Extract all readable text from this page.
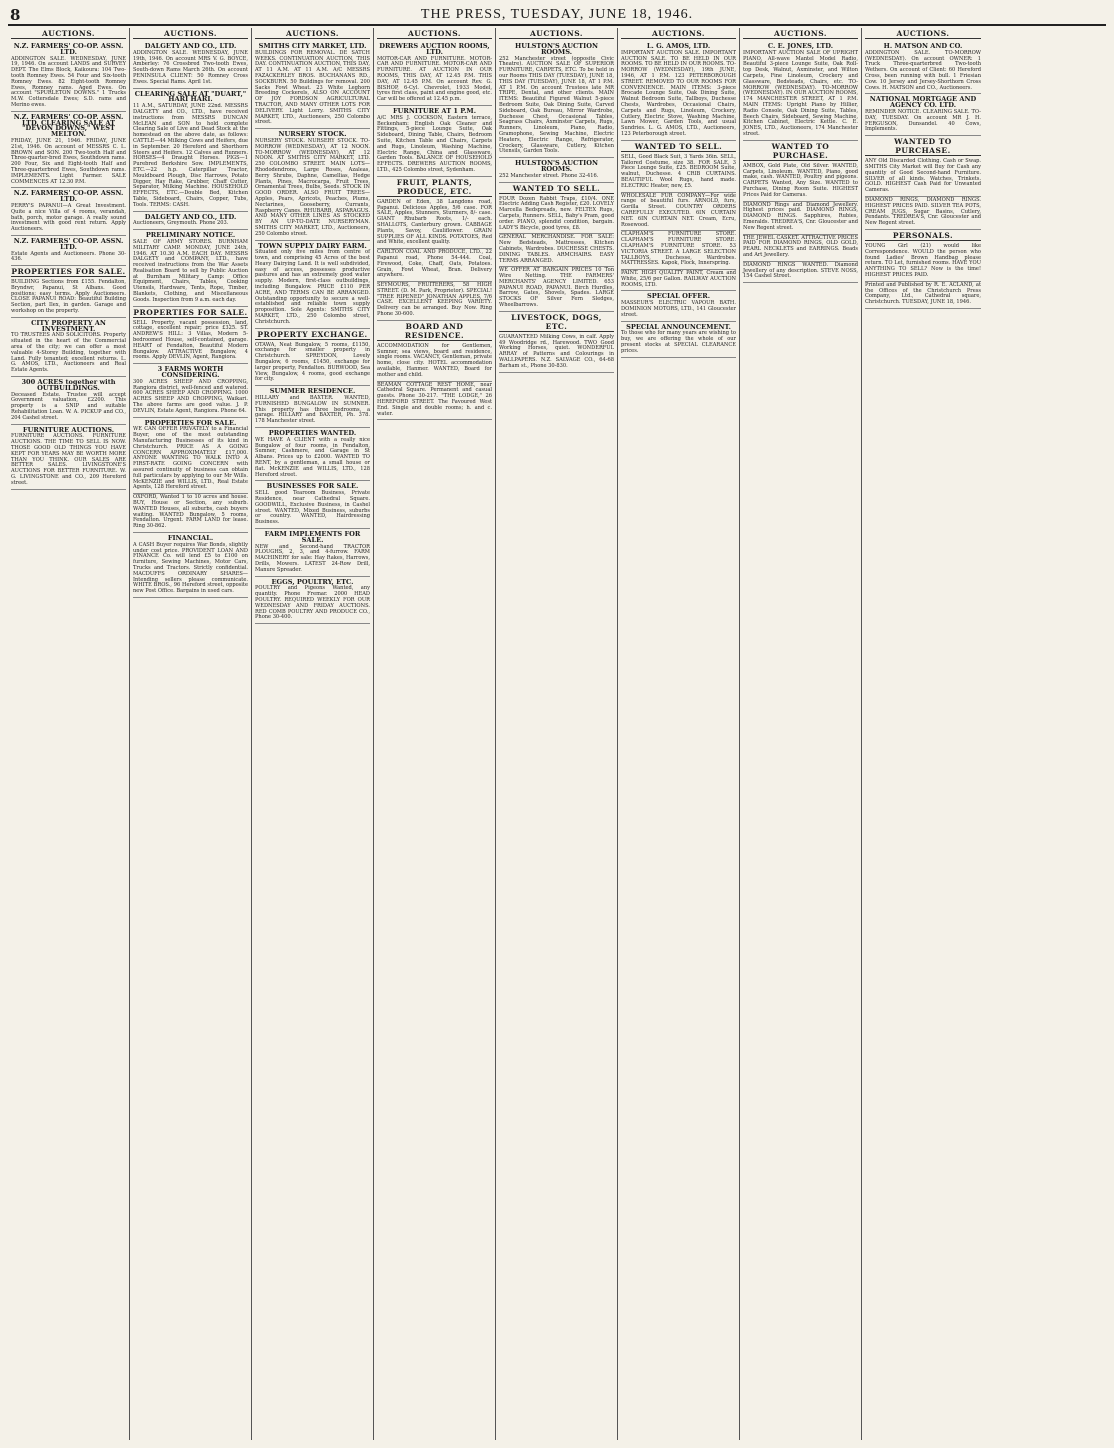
8	THE PRESS, TUESDAY, JUNE 18, 1946.
AUCTIONS.
N.Z. FARMERS' CO-OP. ASSN. LTD.

ADDINGTON SALE. WEDNESDAY, JUNE 19, 1946. On account LANDS and SURVEY DEPT. The Elms Block, Kaikoura: 104 Two-tooth Romney Ewes. 54 Four and Six-tooth Romney Ewes. 82 Eight-tooth Romney Ewes, Romney rams. Aged Ewes. On account "SPURLETON DOWNS." 1 Trucks M.W. Cottersdale Ewes; S.D. rams and Merino ewes.

N.Z. FARMERS' CO-OP. ASSN. LTD. CLEARING SALE AT "DEVON DOWNS," WEST MELTON.

FRIDAY, JUNE 21, 1946. FRIDAY, JUNE 21st, 1946. On account of MESSRS C. L. BROWN and SON. 200 Two-tooth Half and Three-quarter-bred Ewes, Southdown rams. 200 Four, Six and Eight-tooth Half and Three-quarterbred Ewes, Southdown rams. IMPLEMENTS. Light Farmer. SALE COMMENCES AT 12.30 P.M.

N.Z. FARMERS' CO-OP. ASSN. LTD.

PERRY'S PAPANUI—A Great Investment. Quite a nice Villa of 4 rooms, verandah, bath, porch, motor garage. A really sound investment with good rent return. Apply Auctioneers.

N.Z. FARMERS' CO-OP. ASSN. LTD.

Estate Agents and Auctioneers. Phone 30-436.

PROPERTIES FOR SALE.

BUILDING Sections from £155. Fendalton, Bryndwr, Papanui, St Albans. Good positions; easy terms. Apply Auctioneers. CLOSE PAPANUI ROAD: Beautiful Building Section, part Ilex, in garden. Garage and workshop on the property.

CITY PROPERTY AN INVESTMENT.

TO TRUSTEES AND SOLICITORS. Property situated in the heart of the Commercial area of the city; we can offer a most valuable 4-Storey Building, together with Land. Fully tenanted; excellent returns. L. G. AMOS, LTD., Auctioneers and Real Estate Agents.

300 ACRES together with OUTBUILDINGS.

Deceased Estate. Trustee will accept Government valuation, £2200. This property is a SNIP and suitable Rehabilitation Loan. W. A. PICKUP and CO., 204 Cashel street.

FURNITURE AUCTIONS.

FURNITURE AUCTIONS. FURNITURE AUCTIONS. THE TIME TO SELL IS NOW. THOSE GOOD OLD THINGS YOU HAVE KEPT FOR YEARS MAY BE WORTH MORE THAN YOU THINK. OUR SALES ARE BETTER SALES. LIVINGSTONE'S AUCTIONS FOR BETTER FURNITURE. W. G. LIVINGSTONE and CO., 209 Hereford street.

AUCTIONS.
DALGETY AND CO., LTD.

ADDINGTON SALE. WEDNESDAY, JUNE 19th, 1946. On account MRS V. G. BOYCE, Amberley: 76 Crossbred Two-tooth Ewes, South-down Rams March 26th. On account PENINSULA CLIENT: 50 Romney Cross Ewes. Special Rams. April 1st.

CLEARING SALE AT "DUART," HARI HARI.

11 A.M., SATURDAY, JUNE 22nd. MESSRS DALGETY and CO., LTD., have received instructions from MESSRS DUNCAN McLEAN and SON to hold complete Clearing Sale of Live and Dead Stock at the homestead on the above date, as follows: CATTLE—44 Milking Cows and Heifers, due in September. 20 Hereford and Shorthorn Steers and Heifers. 12 Calves and Runners. HORSES—4 Draught Horses. PIGS—1 Purebred Berkshire Sow. IMPLEMENTS, ETC.—22 h.p. Caterpillar Tractor, Mouldboard Plough, Disc Harrows, Potato Digger, Hay Rake, Grubber, Chaff Cutter, Separator, Milking Machine. HOUSEHOLD EFFECTS, ETC.—Double Bed, Kitchen Table, Sideboard, Chairs, Copper, Tubs, Tools. TERMS: CASH.

DALGETY AND CO., LTD.

Auctioneers, Greymouth. Phone 203.

PRELIMINARY NOTICE.

SALE OF ARMY STORES. BURNHAM MILITARY CAMP. MONDAY, JUNE 24th, 1946. AT 10.30 A.M. EACH DAY. MESSRS DALGETY and COMPANY, LTD., have received instructions from the War Assets Realisation Board to sell by Public Auction at Burnham Military Camp: Office Equipment, Chairs, Tables, Cooking Utensils, Hardware, Tents, Rope, Timber, Blankets, Clothing, and Miscellaneous Goods. Inspection from 9 a.m. each day.

PROPERTIES FOR SALE.

SELL Property, vacant possession, land, cottage, excellent repair; price £325. ST. ANDREW'S HILL: 3 Villas, Modern 5-bedroomed House, self-contained, garage. HEART of Fendalton, Beautiful Modern Bungalow. ATTRACTIVE Bungalow, 4 rooms. Apply DEVLIN, Agent, Rangiora.

3 FARMS WORTH CONSIDERING.

300 ACRES SHEEP AND CROPPING, Rangiora district, well-fenced and watered. 600 ACRES SHEEP AND CROPPING. 1000 ACRES SHEEP AND CROPPING, Waikari. The above farms are good value. J. P. DEVLIN, Estate Agent, Rangiora. Phone 64.

PROPERTIES FOR SALE.

WE CAN OFFER PRIVATELY to a Financial Buyer, one of the most outstanding Manufacturing Businesses of its kind in Christchurch. PRICE AS A GOING CONCERN APPROXIMATELY £17,000. ANYONE WANTING TO WALK INTO A FIRST-RATE GOING CONCERN with assured continuity of business can obtain full particulars by applying to our Mr Wills. McKENZIE and WILLIS, LTD., Real Estate Agents, 128 Hereford street.

OXFORD, Wanted 1 to 10 acres and house. BUY, House or Section, any suburb. WANTED Houses, all suburbs, cash buyers waiting. WANTED Bungalow, 5 rooms, Fendalton. Urgent. FARM LAND for lease. Ring 30-862.

FINANCIAL.

A CASH Buyer requires War Bonds, slightly under cost price. PROVIDENT LOAN AND FINANCE Co. will lend £5 to £100 on furniture, Sewing Machines, Motor Cars, Trucks and Tractors. Strictly confidential. MACDUFFS ORDINARY SHARES—Intending sellers please communicate. WHITE BROS., 96 Hereford street, opposite new Post Office. Bargains in used cars.

AUCTIONS.
SMITHS CITY MARKET, LTD.

BUILDINGS FOR REMOVAL. DE SATCH WEEKS. CONTINUATION AUCTION, THIS DAY. CONTINUATION AUCTION, THIS DAY, AT 11 A.M. AT 11 A.M. A/C MESSRS FAZACKERLEY BROS. BUCHANANS RD., SOCKBURN. 50 Buildings for removal. 200 Sacks Fowl Wheat. 23 White Leghorn Breeding Cockerels, ALSO ON ACCOUNT OF JOY FORDSON AGRICULTURAL TRACTOR, AND MANY OTHER LOTS FOR DELIVERY. Light Lorry. SMITHS CITY MARKET, LTD., Auctioneers, 250 Colombo street.

NURSERY STOCK.

NURSERY STOCK. NURSERY STOCK. TO-MORROW (WEDNESDAY), AT 12 NOON. TO-MORROW (WEDNESDAY), AT 12 NOON. AT SMITHS CITY MARKET, LTD. 250 COLOMBO STREET. MAIN LOTS—Rhododendrons, Large Roses, Azaleas, Berry Shrubs, Daphne, Camellias, Hedge Plants, Pines, Macrocarpa, Fruit Trees, Ornamental Trees, Bulbs, Seeds. STOCK IN GOOD ORDER. ALSO FRUIT TREES—Apples, Pears, Apricots, Peaches, Plums, Nectarines, Gooseberry, Currants, Raspberry Canes. RHUBARB, ASPARAGUS. AND MANY OTHER LINES AS STOCKED BY AN UP-TO-DATE NURSERYMAN. SMITHS CITY MARKET, LTD., Auctioneers, 250 Colombo street.

TOWN SUPPLY DAIRY FARM.

Situated only five miles from centre of town, and comprising 45 Acres of the best Heavy Dairying Land. It is well subdivided, easy of access, possesses productive pastures and has an extremely good water supply. Modern, first-class outbuildings, including Bungalow. PRICE £110 PER ACRE, AND TERMS CAN BE ARRANGED. Outstanding opportunity to secure a well-established and reliable town supply proposition. Sole Agents: SMITHS CITY MARKET, LTD., 250 Colombo street, Christchurch.

PROPERTY EXCHANGE.

OTAWA, Neat Bungalow, 5 rooms, £1150, exchange for smaller property in Christchurch. SPREYDON, Lovely Bungalow, 6 rooms, £1450, exchange for larger property, Fendalton. BURWOOD, Sea View, Bungalow, 4 rooms, good exchange for city.

SUMMER RESIDENCE.

HILLARY and BAXTER. WANTED, FURNISHED BUNGALOW IN SUMNER. This property has three bedrooms, a garage. HILLARY and BAXTER, Ph. 378. 178 Manchester street.

PROPERTIES WANTED.

WE HAVE A CLIENT with a really nice Bungalow of four rooms, in Fendalton, Sumner, Cashmere, and Garage in St Albans. Prices up to £2000. WANTED TO RENT, by a gentleman, a small house or flat. McKENZIE and WILLIS, LTD., 128 Hereford street.

BUSINESSES FOR SALE.

SELL good Tearoom Business, Private Residence, near Cathedral Square. GOODWILL, Exclusive Business, in Cashel street. WANTED, Mixed Business, suburbs or country. WANTED, Hairdressing Business.

FARM IMPLEMENTS FOR SALE.

NEW and Second-hand TRACTOR PLOUGHS, 2, 3, and 4-furrow. FARM MACHINERY for sale: Hay Rakes, Harrows, Drills, Mowers. LATEST 24-Row Drill, Manure Spreader.

EGGS, POULTRY, ETC.

POULTRY and Pigeons Wanted, any quantity. Phone Fremar. 2000 HEAD POULTRY. REQUIRED WEEKLY FOR OUR WEDNESDAY AND FRIDAY AUCTIONS. RED COMB POULTRY AND PRODUCE CO., Phone 30-400.

AUCTIONS.
DREWERS AUCTION ROOMS, LTD.

MOTOR-CAR AND FURNITURE. MOTOR-CAR AND FURNITURE. MOTOR-CAR AND FURNITURE. AT AUCTION IN OUR ROOMS, THIS DAY, AT 12.45 P.M. THIS DAY, AT 12.45 P.M. On account Rev. G. BISHOP, 6-Cyl. Chevrolet, 1933 Model, tyres first class, paint and engine good, etc. Car will be offered at 12.45 p.m.

FURNITURE AT 1 P.M.

A/C MRS J. COCKSON, Eastern terrace, Beckenham: English Oak Cleaner and Fittings, 5-piece Lounge Suite, Oak Sideboard, Dining Table, Chairs, Bedroom Suite, Kitchen Table and Chairs, Carpets and Rugs, Linoleum, Washing Machine, Electric Range, China and Glassware, Garden Tools. BALANCE OF HOUSEHOLD EFFECTS. DREWERS AUCTION ROOMS, LTD., 425 Colombo street, Sydenham.

FRUIT, PLANTS, PRODUCE, ETC.

GARDEN of Eden, 38 Langdons road, Papanui. Delicious Apples, 5/6 case. FOR SALE, Apples, Stunners, Sturmers, 8/- case. GIANT Rhubarb Roots, 1/- each. SHALLOTS, Canterbury grown. CABBAGE Plants, Savoy, Cauliflower. GRAIN SUPPLIES OF ALL KINDS. POTATOES, Red and White, excellent quality.

CARLTON COAL AND PRODUCE, LTD., 22 Papanui road, Phone 54-444. Coal, Firewood, Coke, Chaff, Oats, Potatoes. Grain, Fowl Wheat, Bran. Delivery anywhere.

SEYMOURS, FRUITERERS, 58 HIGH STREET. (D. M. Park, Proprietor). SPECIAL! "TREE RIPENED" JONATHAN APPLES, 7/6 CASE. EXCELLENT KEEPING VARIETY. Delivery can be arranged. Buy Now. Ring Phone 30-600.

BOARD AND RESIDENCE.

ACCOMMODATION for Gentlemen, Sumner, sea views, board and residence, single rooms. VACANCY, Gentleman, private home, close city. HOTEL accommodation available, Hanmer. WANTED, Board for mother and child.

BEAMAN COTTAGE REST HOME, near Cathedral Square. Permanent and casual guests. Phone 30-217. "THE LODGE," 26 HEREFORD STREET. The Favoured West End. Single and double rooms; h. and c. water.

AUCTIONS.
HULSTON'S AUCTION ROOMS.

252 Manchester street (opposite Civic Theatre). AUCTION SALE OF SUPERIOR FURNITURE, CARPETS, ETC. To be held in our Rooms THIS DAY (TUESDAY), JUNE 18, THIS DAY (TUESDAY), JUNE 18, AT 1 P.M. AT 1 P.M. On account Trustees late MR TRIPE, Dental, and other clients. MAIN ITEMS: Beautiful Figured Walnut 5-piece Bedroom Suite, Oak Dining Suite, Carved Sideboard, Oak Bureau, Mirror Wardrobe, Duchesse Chest, Occasional Tables, Seagrass Chairs, Axminster Carpets, Rugs, Runners, Linoleum, Piano, Radio, Gramophone, Sewing Machine, Electric Heaters, Electric Range, Refrigerator, Crockery, Glassware, Cutlery, Kitchen Utensils, Garden Tools.

HULSTON'S AUCTION ROOMS.

252 Manchester street. Phone 32-416.

WANTED TO SELL.

FOUR Dozen Rabbit Traps, £10/4. ONE Electric Adding Cash Register, £20. LOVELY Marcella Bedspreads, new. FELTEX Rugs, Carpets, Runners. SELL, Baby's Pram, good order. PIANO, splendid condition, bargain. LADY'S Bicycle, good tyres, £8.

GENERAL MERCHANDISE. FOR SALE: New Bedsteads, Mattresses, Kitchen Cabinets, Wardrobes. DUCHESSE CHESTS. DINING TABLES. ARMCHAIRS. EASY TERMS ARRANGED.

WE OFFER AT BARGAIN PRICES 10 Ton Wire Netting. THE FARMERS' MERCHANTS' AGENCY LIMITED. 653 PAPANUI ROAD, PAPANUI. Birch Hurdles, Barrow, Gates, Shovels, Spades. LARGE STOCKS OF Silver Fern Sledges, Wheelbarrows.

LIVESTOCK, DOGS, ETC.

GUARANTEED Milking Cows, in calf. Apply 49 Woodridge rd., Harewood. TWO Good Working Horses, quiet. WONDERFUL ARRAY of Patterns and Colourings in WALLPAPERS. N.Z. SALVAGE CO., 64-68 Barham st., Phone 30-830.

AUCTIONS.
L. G. AMOS, LTD.

IMPORTANT AUCTION SALE. IMPORTANT AUCTION SALE. TO BE HELD IN OUR ROOMS. TO BE HELD IN OUR ROOMS. TO-MORROW (WEDNESDAY), 19th JUNE, 1946, AT 1 P.M. 123 PETERBOROUGH STREET. REMOVED TO OUR ROOMS FOR CONVENIENCE. MAIN ITEMS: 3-piece Brocade Lounge Suite, Oak Dining Suite, Walnut Bedroom Suite, Tallboys, Duchesse Chests, Wardrobes, Occasional Chairs, Carpets and Rugs, Linoleum, Crockery, Cutlery, Electric Stove, Washing Machine, Lawn Mower, Garden Tools, and usual Sundries. L. G. AMOS, LTD., Auctioneers, 123 Peterborough street.

WANTED TO SELL.

SELL, Good Black Suit, 3 Yards 36in. SELL, Tailored Costume, size 38. FOR SALE, 3 Piece Lounge Suite, £25. BEDROOM Suite, walnut, Duchesse. 4 CRIB CURTAINS. BEAUTIFUL Wool Rugs, hand made. ELECTRIC Heater, new, £5.

WHOLESALE FUR COMPANY—For wide range of beautiful furs. ARNOLD, furs, Gorilla Street. COUNTRY ORDERS CAREFULLY EXECUTED. 6IN CURTAIN NET. 6IN CURTAIN NET. Cream, Ecru, Rosewood.

CLAPHAM'S FURNITURE STORE. CLAPHAM'S FURNITURE STORE. CLAPHAM'S FURNITURE STORE. 53 VICTORIA STREET. A LARGE SELECTION TALLBOYS, Duchesse, Wardrobes. MATTRESSES. Kapok, Flock, Innerspring.

PAINT. HIGH QUALITY PAINT, Cream and White, 25/6 per Gallon. RAILWAY AUCTION ROOMS, LTD.

SPECIAL OFFER.

MASSEUR'S ELECTRIC VAPOUR BATH. DOMINION MOTORS, LTD., 141 Gloucester street.

SPECIAL ANNOUNCEMENT.

To those who for many years are wishing to buy, we are offering the whole of our present stocks at SPECIAL CLEARANCE prices.

AUCTIONS.
C. E. JONES, LTD.

IMPORTANT AUCTION SALE OF UPRIGHT PIANO, All-wave Mantel Model Radio, Beautiful 3-piece Lounge Suite, Oak Roll-top Desk, Walnut, Axminster, and Wilton Carpets, Fine Linoleum, Crockery and Glassware, Bedsteads, Chairs, etc. TO-MORROW (WEDNESDAY). TO-MORROW (WEDNESDAY). IN OUR AUCTION ROOMS, 174 MANCHESTER STREET, AT 1 P.M. MAIN ITEMS: Upright Piano by Hillier, Radio Console, Oak Dining Suite, Tables, Beech Chairs, Sideboard, Sewing Machine, Kitchen Cabinet, Electric Kettle. C. E. JONES, LTD., Auctioneers, 174 Manchester street.

WANTED TO PURCHASE.

AMBOX, Gold Plate, Old Silver. WANTED, Carpets, Linoleum. WANTED, Piano, good make, cash. WANTED, Poultry and pigeons. CARPETS Wanted, Any Size. WANTED to Purchase, Dining Room Suite. HIGHEST Prices Paid for Cameras.

DIAMOND Rings and Diamond Jewellery. Highest prices paid. DIAMOND RINGS, DIAMOND RINGS. Sapphires, Rubies, Emeralds. TREDREA'S, Cnr. Gloucester and New Regent street.

THE JEWEL CASKET. ATTRACTIVE PRICES PAID FOR DIAMOND RINGS, OLD GOLD, PEARL NECKLETS and EARRINGS. Beads and Art Jewellery.

DIAMOND RINGS WANTED. Diamond Jewellery of any description. STEVE NOSS, 154 Cashel Street.

AUCTIONS.
H. MATSON AND CO.

ADDINGTON SALE. TO-MORROW (WEDNESDAY). On account OWNER: 1 Truck Three-quarterbred Two-tooth Wethers. On account of Client: 60 Hereford Cross, been running with bull. 1 Friesian Cow. 10 Jersey and Jersey-Shorthorn Cross Cows. H. MATSON and CO., Auctioneers.

NATIONAL MORTGAGE AND AGENCY CO. LTD.

REMINDER NOTICE. CLEARING SALE. TO-DAY, TUESDAY. On account MR J. H. FERGUSON, Dunsandel. 40 Cows, Implements.

WANTED TO PURCHASE.

ANY Old Discarded Clothing. Cash or Swap. SMITHS City Market will Buy for Cash any quantity of Good Second-hand Furniture. SILVER of all kinds. Watches, Trinkets. GOLD. HIGHEST Cash Paid for Unwanted Cameras.

DIAMOND RINGS, DIAMOND RINGS. HIGHEST PRICES PAID. SILVER TEA POTS, CREAM JUGS, Sugar Basins, Cutlery, Pendants. TREDREA'S, Cnr. Gloucester and New Regent street.

PERSONALS.

YOUNG Girl (21) would like Correspondence. WOULD the person who found Ladies' Brown Handbag please return. TO Let, furnished rooms. HAVE YOU ANYTHING TO SELL? Now is the time! HIGHEST PRICES PAID.

Printed and Published by R. E. ACLAND, at the Offices of the Christchurch Press Company, Ltd., Cathedral square, Christchurch. TUESDAY, JUNE 18, 1946.
